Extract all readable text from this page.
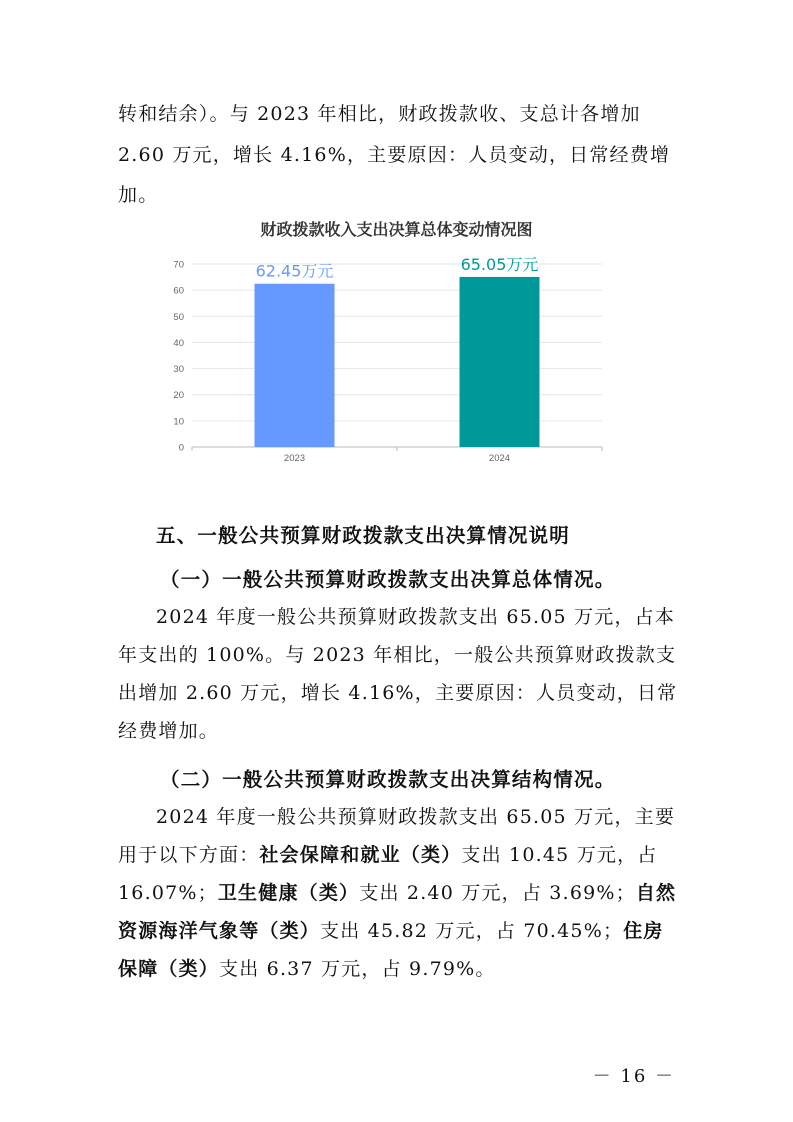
转和结余）。与 2023 年相比，财政拨款收、支总计各增加

2.60 万元，增长 4.16%，主要原因：人员变动，日常经费增

加。

财政拨款收入支出决算总体变动情况图
0
10
20
30
40
50
60
70	62.45万元
2023
65.05万元
2024
五、一般公共预算财政拨款支出决算情况说明
（一）一般公共预算财政拨款支出决算总体情况。

2024 年度一般公共预算财政拨款支出 65.05 万元，占本年支出的 100%。与 2023 年相比，一般公共预算财政拨款支出增加 2.60 万元，增长 4.16%，主要原因：人员变动，日常经费增加。

（二）一般公共预算财政拨款支出决算结构情况。

2024 年度一般公共预算财政拨款支出 65.05 万元，主要用于以下方面：社会保障和就业（类）支出 10.45 万元，占 16.07%；卫生健康（类）支出 2.40 万元，占 3.69%；自然资源海洋气象等（类）支出 45.82 万元，占 70.45%；住房保障（类）支出 6.37 万元，占 9.79%。

－ 16 －
